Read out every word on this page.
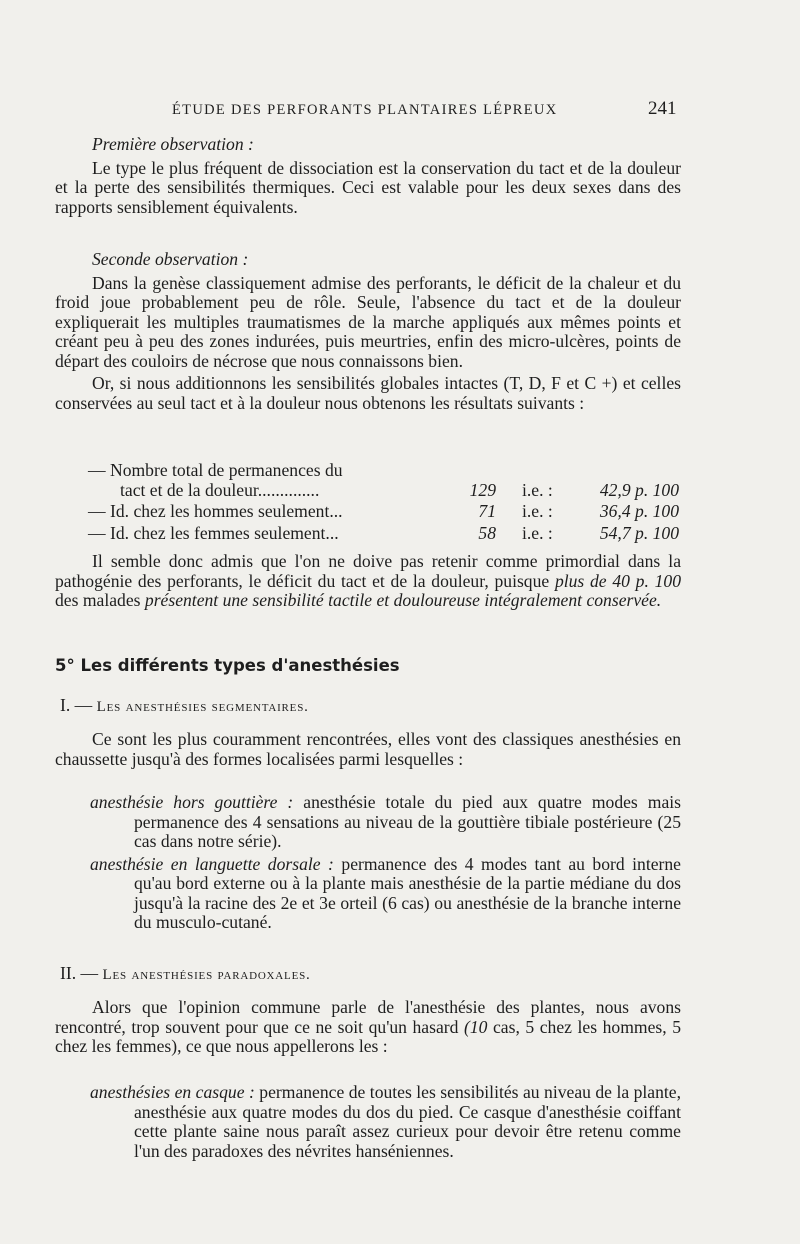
ÉTUDE DES PERFORANTS PLANTAIRES LÉPREUX	241

Première observation :

Le type le plus fréquent de dissociation est la conservation du tact et de la douleur et la perte des sensibilités thermiques. Ceci est valable pour les deux sexes dans des rapports sensiblement équivalents.

Seconde observation :

Dans la genèse classiquement admise des perforants, le déficit de la chaleur et du froid joue probablement peu de rôle. Seule, l'absence du tact et de la douleur expliquerait les multiples traumatismes de la marche appliqués aux mêmes points et créant peu à peu des zones indurées, puis meurtries, enfin des micro-ulcères, points de départ des couloirs de nécrose que nous connaissons bien.

Or, si nous additionnons les sensibilités globales intactes (T, D, F et C +) et celles conservées au seul tact et à la douleur nous obtenons les résultats suivants :

— Nombre total de permanences du
tact et de la douleur..............	129 i.e. :	42,9 p. 100
— Id. chez les hommes seulement...	71 i.e. :	36,4 p. 100
— Id. chez les femmes seulement...	58 i.e. :	54,7 p. 100

Il semble donc admis que l'on ne doive pas retenir comme primordial dans la pathogénie des perforants, le déficit du tact et de la douleur, puisque plus de 40 p. 100 des malades présentent une sensibilité tactile et douloureuse intégralement conservée.

5° Les différents types d'anesthésies
I. — Les anesthésies segmentaires.

Ce sont les plus couramment rencontrées, elles vont des classiques anesthésies en chaussette jusqu'à des formes localisées parmi lesquelles :

anesthésie hors gouttière : anesthésie totale du pied aux quatre modes mais permanence des 4 sensations au niveau de la gouttière tibiale postérieure (25 cas dans notre série).

anesthésie en languette dorsale : permanence des 4 modes tant au bord interne qu'au bord externe ou à la plante mais anesthésie de la partie médiane du dos jusqu'à la racine des 2e et 3e orteil (6 cas) ou anesthésie de la branche interne du musculo-cutané.

II. — Les anesthésies paradoxales.

Alors que l'opinion commune parle de l'anesthésie des plantes, nous avons rencontré, trop souvent pour que ce ne soit qu'un hasard (10 cas, 5 chez les hommes, 5 chez les femmes), ce que nous appellerons les :

anesthésies en casque : permanence de toutes les sensibilités au niveau de la plante, anesthésie aux quatre modes du dos du pied. Ce casque d'anesthésie coiffant cette plante saine nous paraît assez curieux pour devoir être retenu comme l'un des paradoxes des névrites hanséniennes.
